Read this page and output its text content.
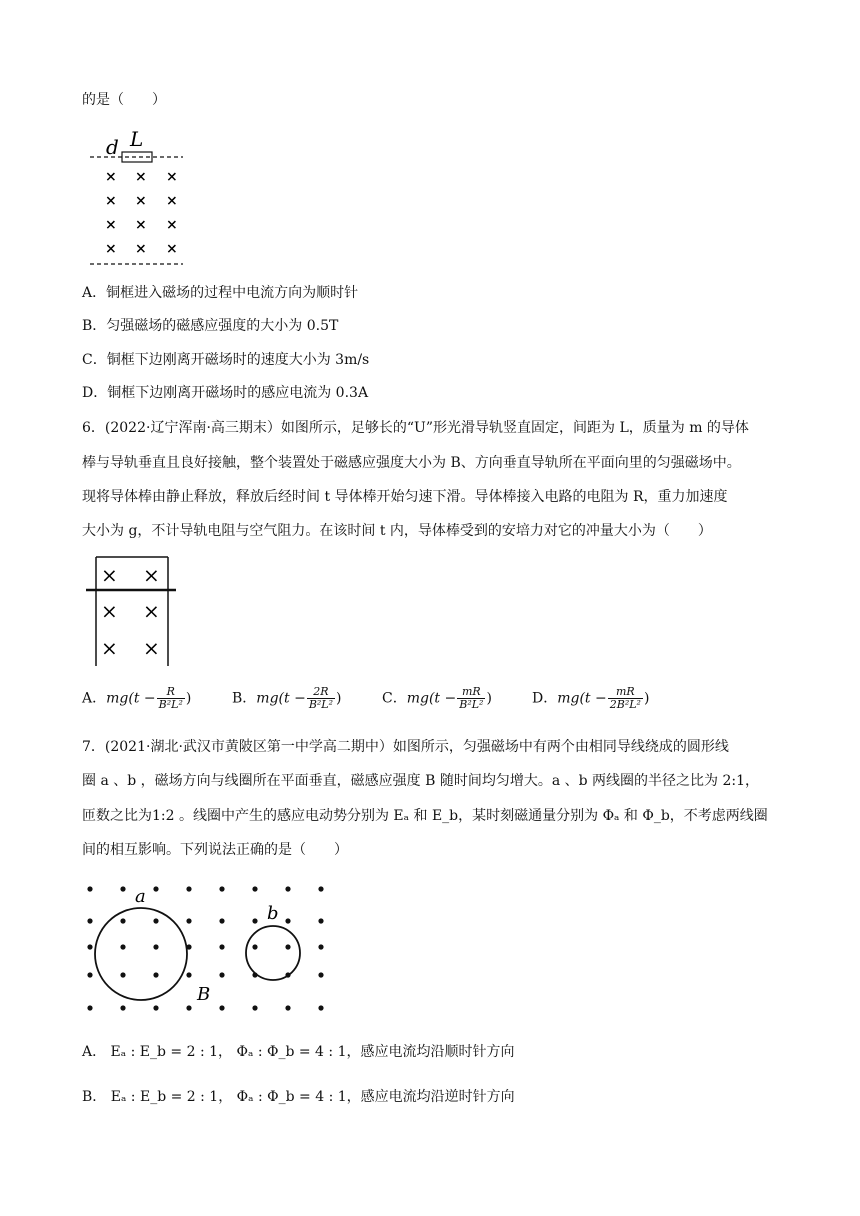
的是（　　）
d L
× × ×
× × ×
× × ×
× × ×
A．铜框进入磁场的过程中电流方向为顺时针
B．匀强磁场的磁感应强度的大小为 0.5T
C．铜框下边刚离开磁场时的速度大小为 3m/s
D．铜框下边刚离开磁场时的感应电流为 0.3A
6．(2022·辽宁浑南·高三期末）如图所示，足够长的“U”形光滑导轨竖直固定，间距为 L，质量为 m 的导体
棒与导轨垂直且良好接触，整个装置处于磁感应强度大小为 B、方向垂直导轨所在平面向里的匀强磁场中。
现将导体棒由静止释放，释放后经时间 t 导体棒开始匀速下滑。导体棒接入电路的电阻为 R，重力加速度
大小为 g，不计导轨电阻与空气阻力。在该时间 t 内，导体棒受到的安培力对它的冲量大小为（　　）
× ×
× ×
× ×
A．$mg(t - \frac{R}{\text{B²L²}}$ )	B．$mg(t - \frac{2R}{\text{B²L²}}$ )	C．$mg(t - \frac{mR}{\text{B²L²}}$ )	D．$mg(t - \frac{mR}{\text{2B²L²}}$ )
7．(2021·湖北·武汉市黄陂区第一中学高二期中）如图所示，匀强磁场中有两个由相同导线绕成的圆形线
圈 a 、b ，磁场方向与线圈所在平面垂直，磁感应强度 B 随时间均匀增大。a 、b 两线圈的半径之比为 2:1，
匝数之比为1:2 。线圈中产生的感应电动势分别为 Eₐ 和 E_b，某时刻磁通量分别为 Φₐ 和 Φ_b，不考虑两线圈
间的相互影响。下列说法正确的是（　　）
a
b
B
A． Eₐ : E_b = 2 : 1， Φₐ : Φ_b = 4 : 1，感应电流均沿顺时针方向
B． Eₐ : E_b = 2 : 1， Φₐ : Φ_b = 4 : 1，感应电流均沿逆时针方向
